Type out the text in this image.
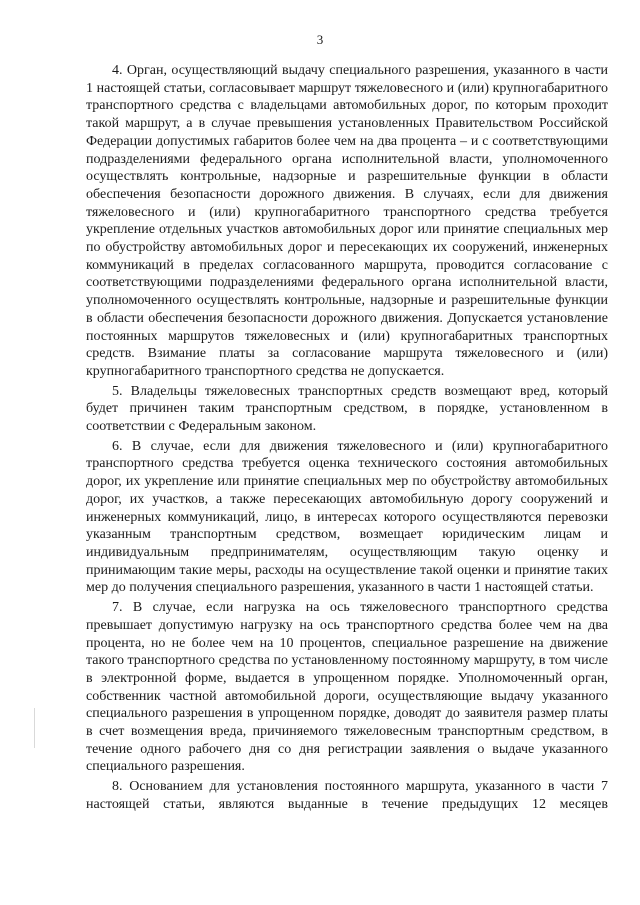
3

4. Орган, осуществляющий выдачу специального разрешения, указанного в части 1 настоящей статьи, согласовывает маршрут тяжеловесного и (или) крупногабаритного транспортного средства с владельцами автомобильных дорог, по которым проходит такой маршрут, а в случае превышения установленных Правительством Российской Федерации допустимых габаритов более чем на два процента – и с соответствующими подразделениями федерального органа исполнительной власти, уполномоченного осуществлять контрольные, надзорные и разрешительные функции в области обеспечения безопасности дорожного движения. В случаях, если для движения тяжеловесного и (или) крупногабаритного транспортного средства требуется укрепление отдельных участков автомобильных дорог или принятие специальных мер по обустройству автомобильных дорог и пересекающих их сооружений, инженерных коммуникаций в пределах согласованного маршрута, проводится согласование с соответствующими подразделениями федерального органа исполнительной власти, уполномоченного осуществлять контрольные, надзорные и разрешительные функции в области обеспечения безопасности дорожного движения. Допускается установление постоянных маршрутов тяжеловесных и (или) крупногабаритных транспортных средств. Взимание платы за согласование маршрута тяжеловесного и (или) крупногабаритного транспортного средства не допускается.

5. Владельцы тяжеловесных транспортных средств возмещают вред, который будет причинен таким транспортным средством, в порядке, установленном в соответствии с Федеральным законом.

6. В случае, если для движения тяжеловесного и (или) крупногабаритного транспортного средства требуется оценка технического состояния автомобильных дорог, их укрепление или принятие специальных мер по обустройству автомобильных дорог, их участков, а также пересекающих автомобильную дорогу сооружений и инженерных коммуникаций, лицо, в интересах которого осуществляются перевозки указанным транспортным средством, возмещает юридическим лицам и индивидуальным предпринимателям, осуществляющим такую оценку и принимающим такие меры, расходы на осуществление такой оценки и принятие таких мер до получения специального разрешения, указанного в части 1 настоящей статьи.

7. В случае, если нагрузка на ось тяжеловесного транспортного средства превышает допустимую нагрузку на ось транспортного средства более чем на два процента, но не более чем на 10 процентов, специальное разрешение на движение такого транспортного средства по установленному постоянному маршруту, в том числе в электронной форме, выдается в упрощенном порядке. Уполномоченный орган, собственник частной автомобильной дороги, осуществляющие выдачу указанного специального разрешения в упрощенном порядке, доводят до заявителя размер платы в счет возмещения вреда, причиняемого тяжеловесным транспортным средством, в течение одного рабочего дня со дня регистрации заявления о выдаче указанного специального разрешения.

8. Основанием для установления постоянного маршрута, указанного в части 7 настоящей статьи, являются выданные в течение предыдущих 12 месяцев
